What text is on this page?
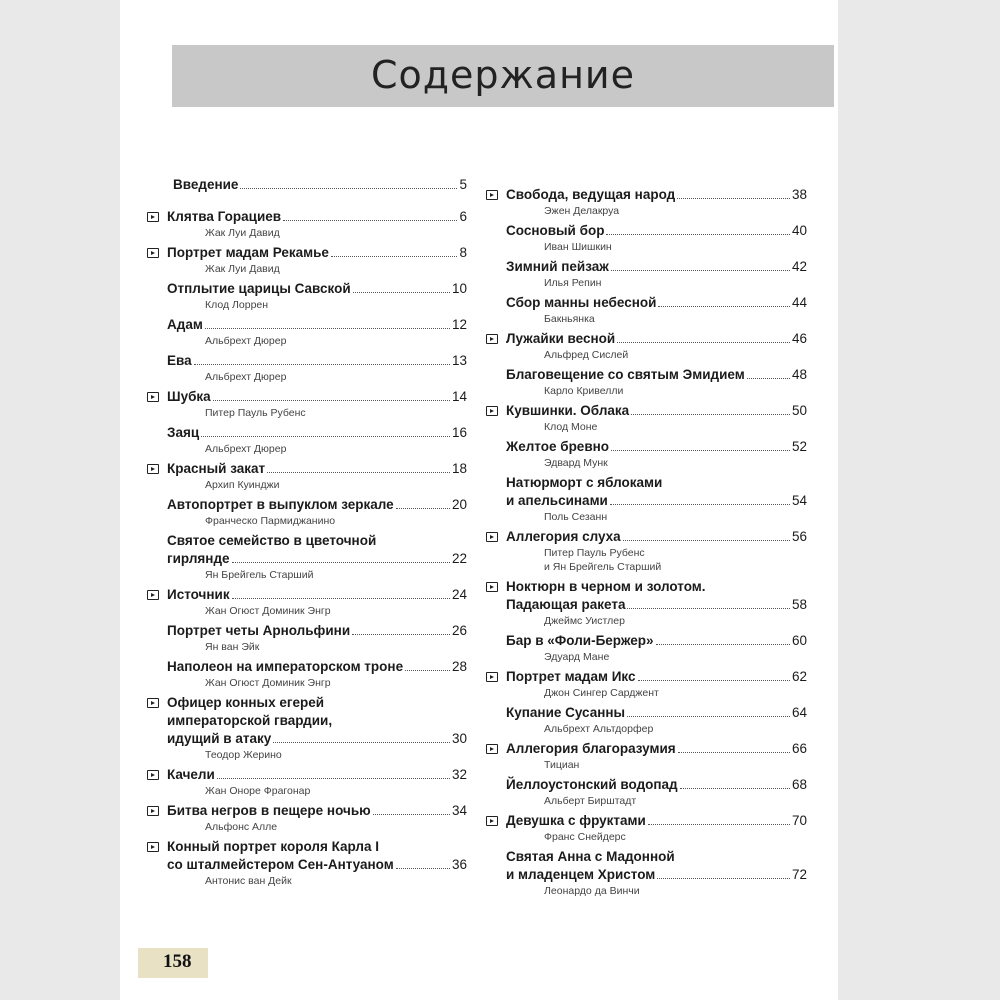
Содержание
Введение	5
Клятва Горациев	6
Жак Луи Давид
Портрет мадам Рекамье	8
Жак Луи Давид
Отплытие царицы Савской	10
Клод Лоррен
Адам	12
Альбрехт Дюрер
Ева	13
Альбрехт Дюрер
Шубка	14
Питер Пауль Рубенс
Заяц	16
Альбрехт Дюрер
Красный закат	18
Архип Куинджи
Автопортрет в выпуклом зеркале	20
Франческо Пармиджанино
Святое семейство в цветочной
гирлянде	22
Ян Брейгель Старший
Источник	24
Жан Огюст Доминик Энгр
Портрет четы Арнольфини	26
Ян ван Эйк
Наполеон на императорском троне	28
Жан Огюст Доминик Энгр
Офицер конных егерей
императорской гвардии,
идущий в атаку	30
Теодор Жерино
Качели	32
Жан Оноре Фрагонар
Битва негров в пещере ночью	34
Альфонс Алле
Конный портрет короля Карла I
со шталмейстером Сен-Антуаном	36
Антонис ван Дейк
Свобода, ведущая народ	38
Эжен Делакруа
Сосновый бор	40
Иван Шишкин
Зимний пейзаж	42
Илья Репин
Сбор манны небесной	44
Бакньянка
Лужайки весной	46
Альфред Сислей
Благовещение со святым Эмидием	48
Карло Кривелли
Кувшинки. Облака	50
Клод Моне
Желтое бревно	52
Эдвард Мунк
Натюрморт с яблоками
и апельсинами	54
Поль Сезанн
Аллегория слуха	56
Питер Пауль Рубенс
и Ян Брейгель Старший
Ноктюрн в черном и золотом.
Падающая ракета	58
Джеймс Уистлер
Бар в «Фоли-Бержер»	60
Эдуард Мане
Портрет мадам Икс	62
Джон Сингер Сарджент
Купание Сусанны	64
Альбрехт Альтдорфер
Аллегория благоразумия	66
Тициан
Йеллоустонский водопад	68
Альберт Бирштадт
Девушка с фруктами	70
Франс Снейдерс
Святая Анна с Мадонной
и младенцем Христом	72
Леонардо да Винчи
158
